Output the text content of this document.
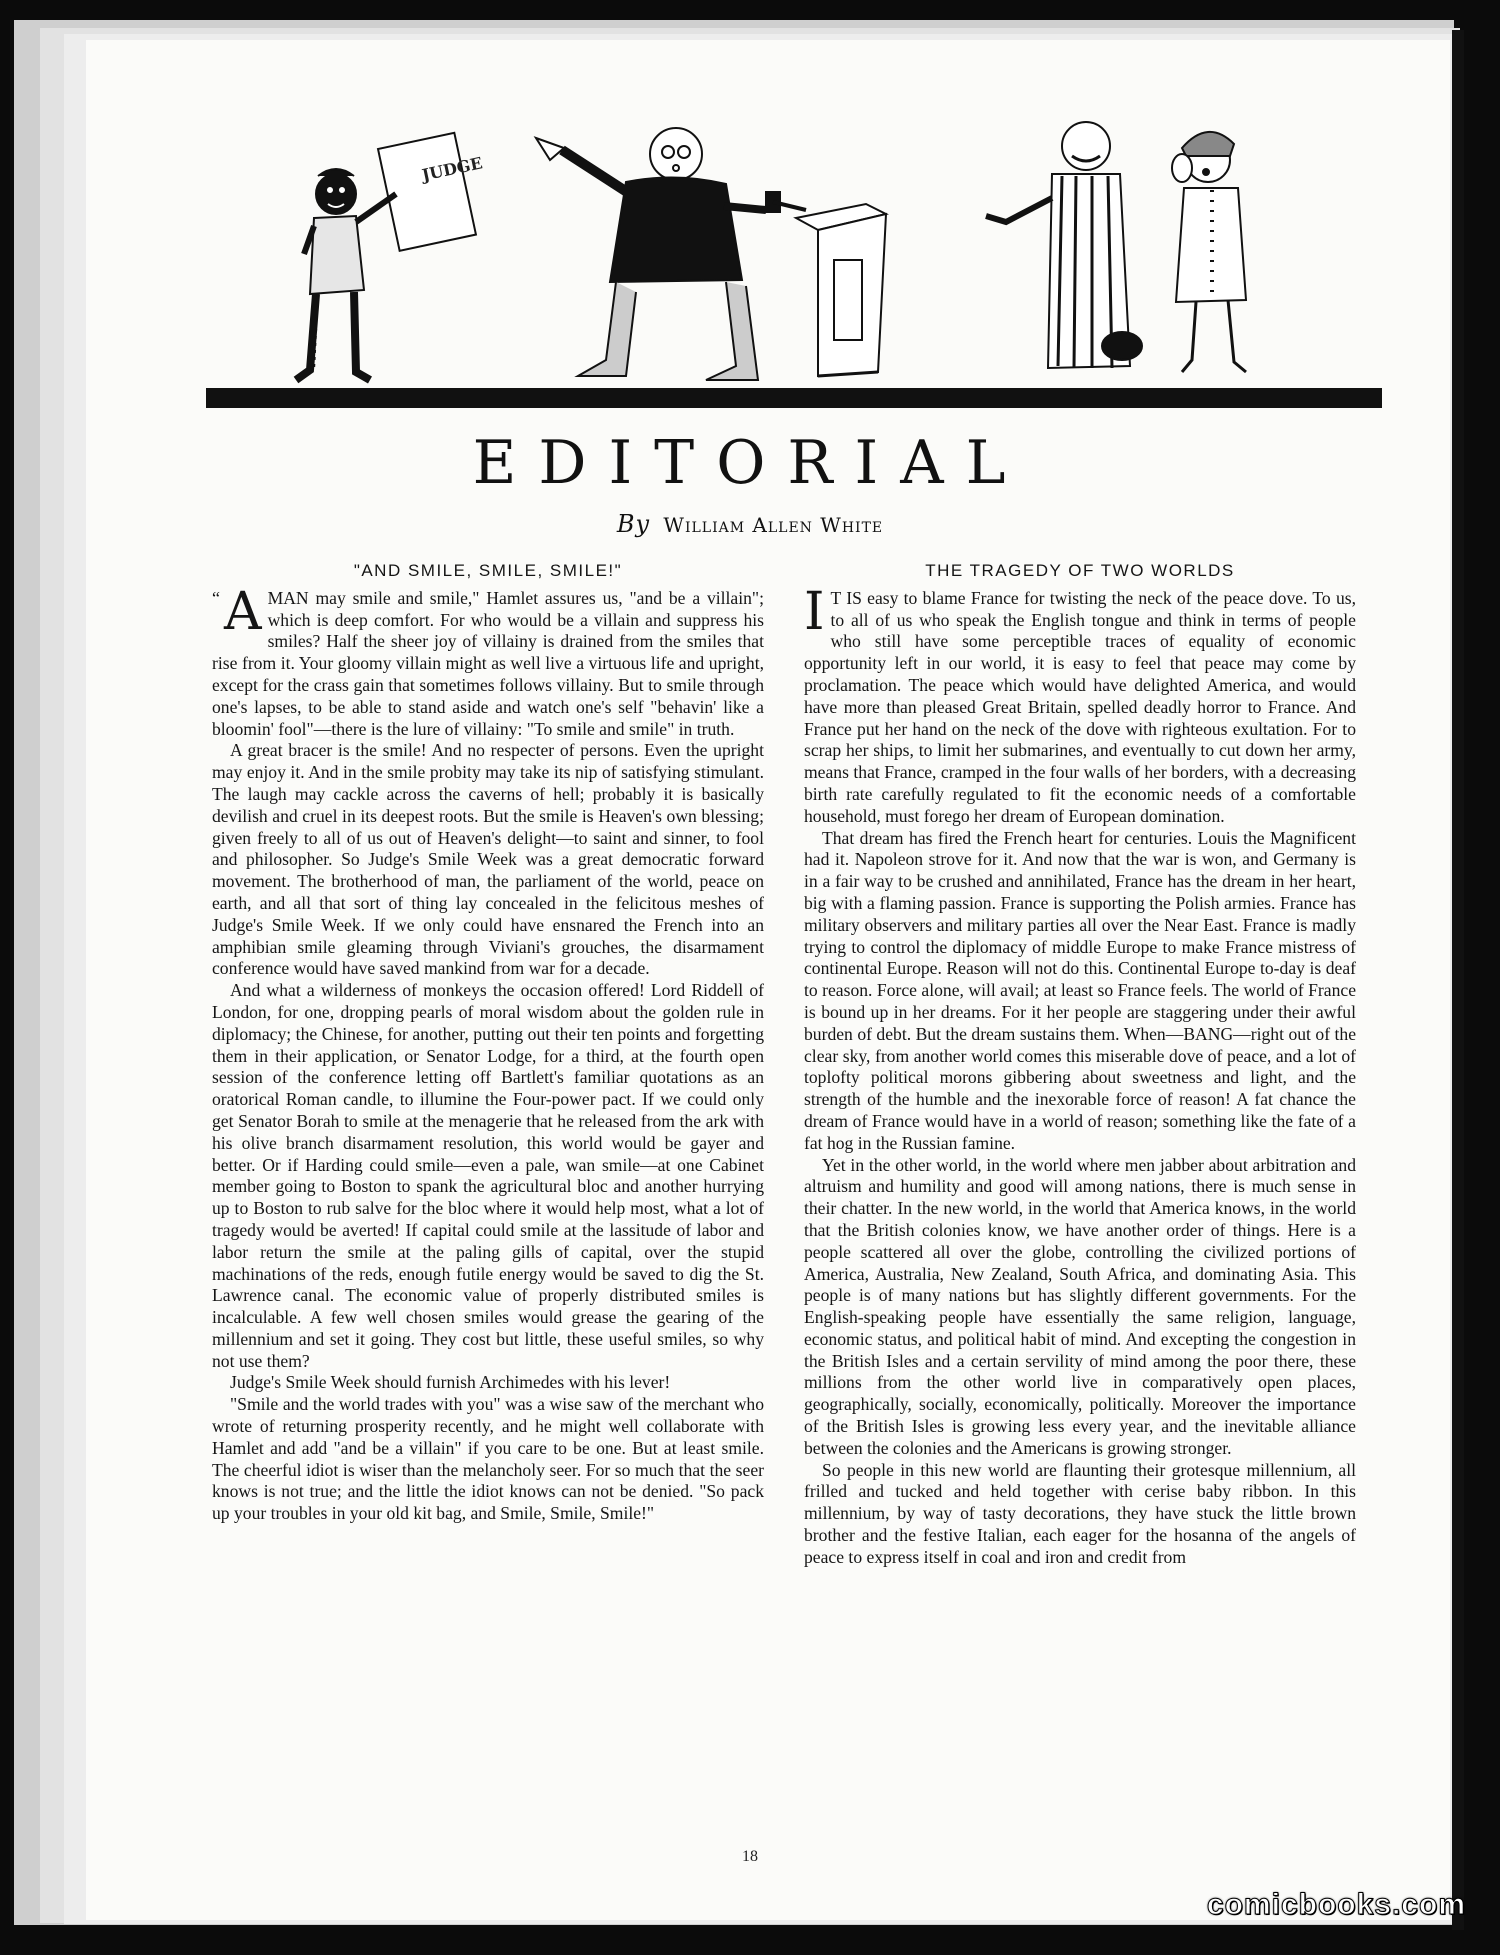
JUDGE
EDITORIAL
By William Allen White
"AND SMILE, SMILE, SMILE!"

“ A MAN may smile and smile," Hamlet assures us, "and be a villain"; which is deep comfort. For who would be a villain and suppress his smiles? Half the sheer joy of villainy is drained from the smiles that rise from it. Your gloomy villain might as well live a virtuous life and upright, except for the crass gain that sometimes follows villainy. But to smile through one's lapses, to be able to stand aside and watch one's self "behavin' like a bloomin' fool"—there is the lure of villainy: "To smile and smile" in truth.

A great bracer is the smile! And no respecter of persons. Even the upright may enjoy it. And in the smile probity may take its nip of satisfying stimulant. The laugh may cackle across the caverns of hell; probably it is basically devilish and cruel in its deepest roots. But the smile is Heaven's own blessing; given freely to all of us out of Heaven's delight—to saint and sinner, to fool and philosopher. So Judge's Smile Week was a great democratic forward movement. The brotherhood of man, the parliament of the world, peace on earth, and all that sort of thing lay concealed in the felicitous meshes of Judge's Smile Week. If we only could have ensnared the French into an amphibian smile gleaming through Viviani's grouches, the disarmament conference would have saved mankind from war for a decade.

And what a wilderness of monkeys the occasion offered! Lord Riddell of London, for one, dropping pearls of moral wisdom about the golden rule in diplomacy; the Chinese, for another, putting out their ten points and forgetting them in their application, or Senator Lodge, for a third, at the fourth open session of the conference letting off Bartlett's familiar quotations as an oratorical Roman candle, to illumine the Four-power pact. If we could only get Senator Borah to smile at the menagerie that he released from the ark with his olive branch disarmament resolution, this world would be gayer and better. Or if Harding could smile—even a pale, wan smile—at one Cabinet member going to Boston to spank the agricultural bloc and another hurrying up to Boston to rub salve for the bloc where it would help most, what a lot of tragedy would be averted! If capital could smile at the lassitude of labor and labor return the smile at the paling gills of capital, over the stupid machinations of the reds, enough futile energy would be saved to dig the St. Lawrence canal. The economic value of properly distributed smiles is incalculable. A few well chosen smiles would grease the gearing of the millennium and set it going. They cost but little, these useful smiles, so why not use them?

Judge's Smile Week should furnish Archimedes with his lever!

"Smile and the world trades with you" was a wise saw of the merchant who wrote of returning prosperity recently, and he might well collaborate with Hamlet and add "and be a villain" if you care to be one. But at least smile. The cheerful idiot is wiser than the melancholy seer. For so much that the seer knows is not true; and the little the idiot knows can not be denied. "So pack up your troubles in your old kit bag, and Smile, Smile, Smile!"

THE TRAGEDY OF TWO WORLDS

I T IS easy to blame France for twisting the neck of the peace dove. To us, to all of us who speak the English tongue and think in terms of people who still have some perceptible traces of equality of economic opportunity left in our world, it is easy to feel that peace may come by proclamation. The peace which would have delighted America, and would have more than pleased Great Britain, spelled deadly horror to France. And France put her hand on the neck of the dove with righteous exultation. For to scrap her ships, to limit her submarines, and eventually to cut down her army, means that France, cramped in the four walls of her borders, with a decreasing birth rate carefully regulated to fit the economic needs of a comfortable household, must forego her dream of European domination.

That dream has fired the French heart for centuries. Louis the Magnificent had it. Napoleon strove for it. And now that the war is won, and Germany is in a fair way to be crushed and annihilated, France has the dream in her heart, big with a flaming passion. France is supporting the Polish armies. France has military observers and military parties all over the Near East. France is madly trying to control the diplomacy of middle Europe to make France mistress of continental Europe. Reason will not do this. Continental Europe to-day is deaf to reason. Force alone, will avail; at least so France feels. The world of France is bound up in her dreams. For it her people are staggering under their awful burden of debt. But the dream sustains them. When—BANG—right out of the clear sky, from another world comes this miserable dove of peace, and a lot of toplofty political morons gibbering about sweetness and light, and the strength of the humble and the inexorable force of reason! A fat chance the dream of France would have in a world of reason; something like the fate of a fat hog in the Russian famine.

Yet in the other world, in the world where men jabber about arbitration and altruism and humility and good will among nations, there is much sense in their chatter. In the new world, in the world that America knows, in the world that the British colonies know, we have another order of things. Here is a people scattered all over the globe, controlling the civilized portions of America, Australia, New Zealand, South Africa, and dominating Asia. This people is of many nations but has slightly different governments. For the English-speaking people have essentially the same religion, language, economic status, and political habit of mind. And excepting the congestion in the British Isles and a certain servility of mind among the poor there, these millions from the other world live in comparatively open places, geographically, socially, economically, politically. Moreover the importance of the British Isles is growing less every year, and the inevitable alliance between the colonies and the Americans is growing stronger.

So people in this new world are flaunting their grotesque millennium, all frilled and tucked and held together with cerise baby ribbon. In this millennium, by way of tasty decorations, they have stuck the little brown brother and the festive Italian, each eager for the hosanna of the angels of peace to express itself in coal and iron and credit from

18
comicbooks.com
